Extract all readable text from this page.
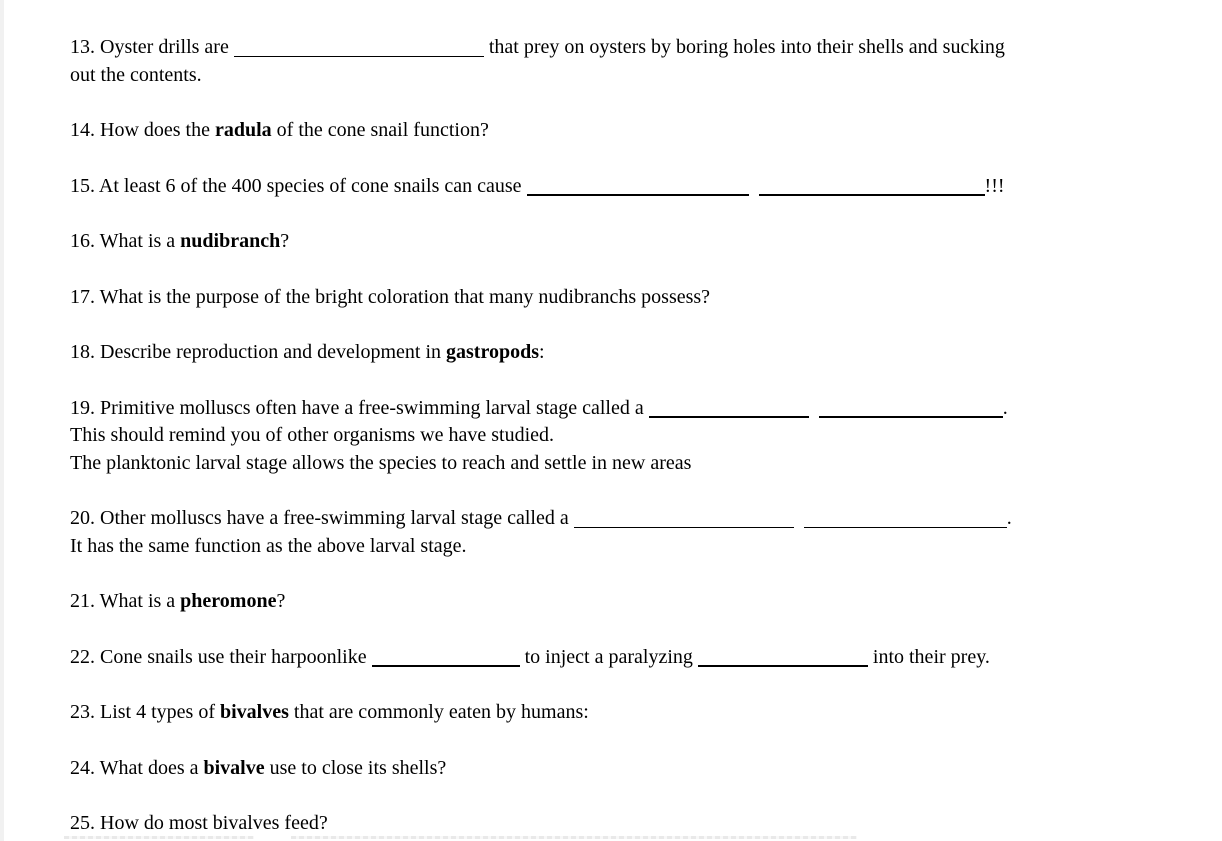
13. Oyster drills are	that prey on oysters by boring holes into their shells and sucking
out the contents.
14. How does the radula of the cone snail function?
15. At least 6 of the 400 species of cone snails can cause	!!!
16. What is a nudibranch?
17. What is the purpose of the bright coloration that many nudibranchs possess?
18. Describe reproduction and development in gastropods:
19. Primitive molluscs often have a free-swimming larval stage called a	.
This should remind you of other organisms we have studied.
The planktonic larval stage allows the species to reach and settle in new areas
20. Other molluscs have a free-swimming larval stage called a	.
It has the same function as the above larval stage.
21. What is a pheromone?
22. Cone snails use their harpoonlike	to inject a paralyzing	into their prey.
23. List 4 types of bivalves that are commonly eaten by humans:
24. What does a bivalve use to close its shells?
25. How do most bivalves feed?
